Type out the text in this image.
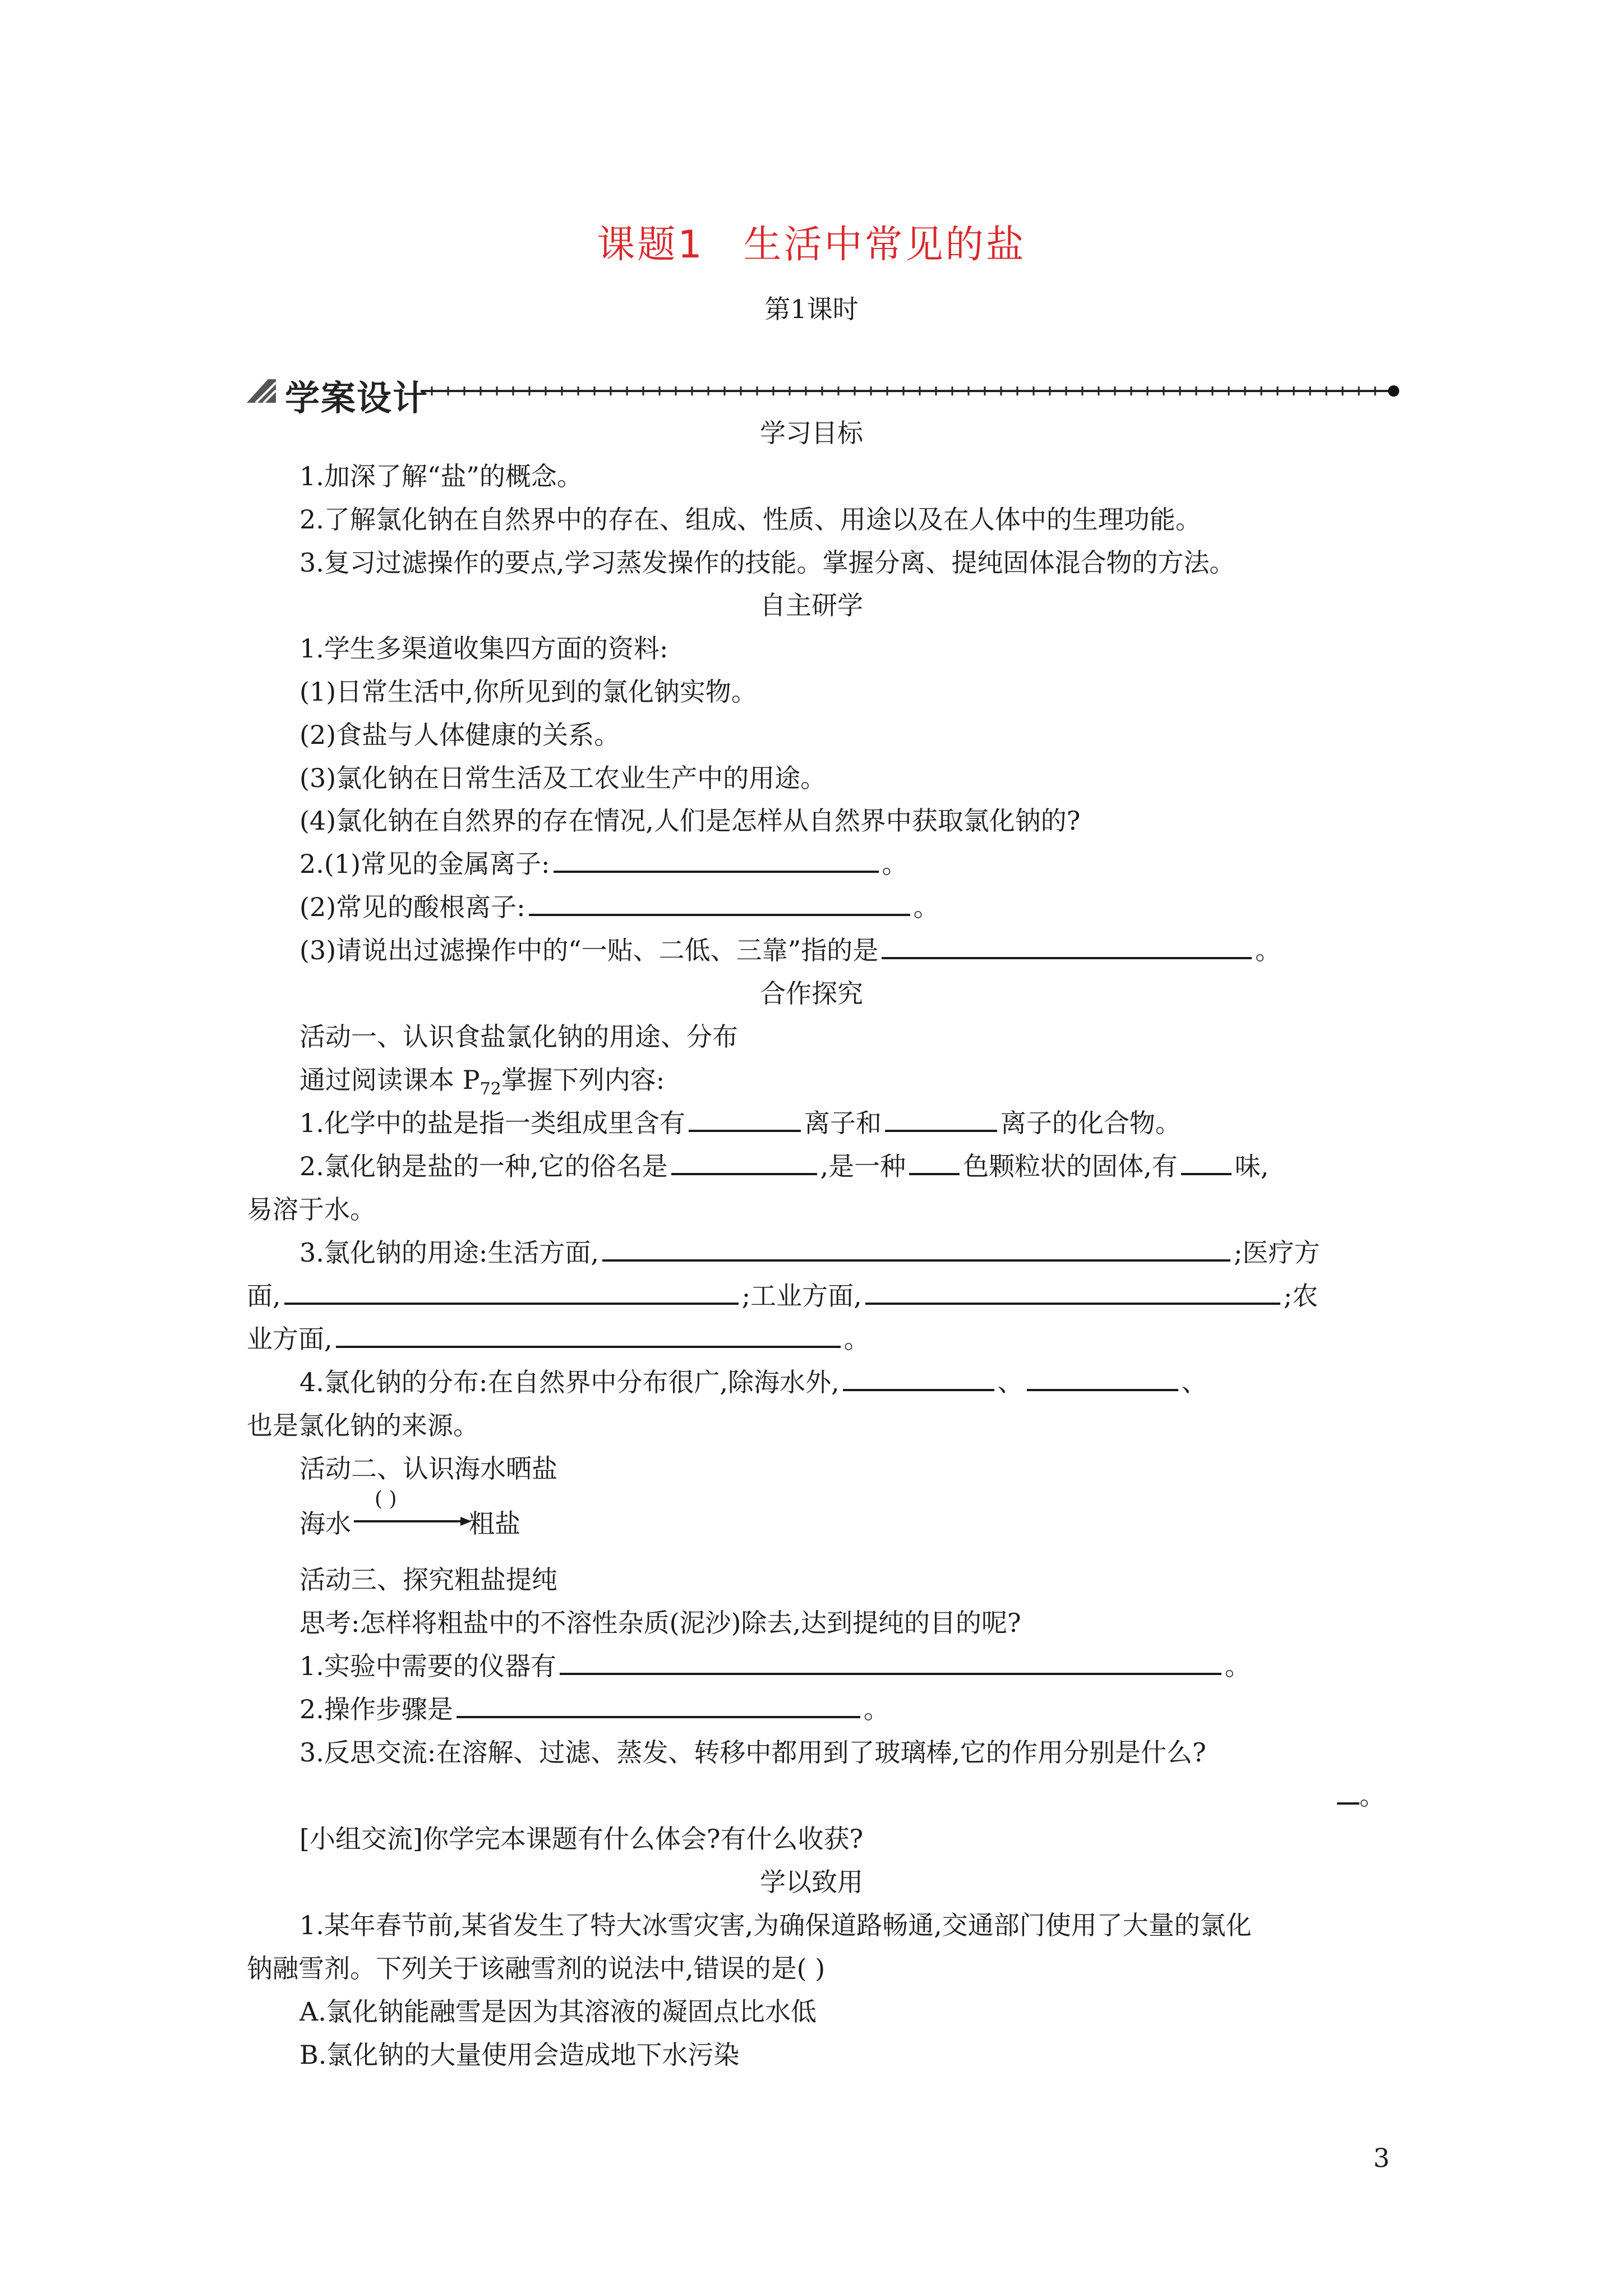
课题1 生活中常见的盐
第1课时
学案设计
学习目标
1.加深了解“盐”的概念。
2.了解氯化钠在自然界中的存在、组成、性质、用途以及在人体中的生理功能。
3.复习过滤操作的要点,学习蒸发操作的技能。掌握分离、提纯固体混合物的方法。
自主研学
1.学生多渠道收集四方面的资料:
(1)日常生活中,你所见到的氯化钠实物。
(2)食盐与人体健康的关系。
(3)氯化钠在日常生活及工农业生产中的用途。
(4)氯化钠在自然界的存在情况,人们是怎样从自然界中获取氯化钠的?
2.(1)常见的金属离子:	。
(2)常见的酸根离子:	。
(3)请说出过滤操作中的“一贴、二低、三靠”指的是	。
合作探究
活动一、认识食盐氯化钠的用途、分布
通过阅读课本 $P_{72}$掌握下列内容:
1.化学中的盐是指一类组成里含有	离子和	离子的化合物。
2.氯化钠是盐的一种,它的俗名是	,是一种 色颗粒状的固体,有 味,
易溶于水。
3.氯化钠的用途:生活方面,	;医疗方
面,	;工业方面,	;农
业方面,	。
4.氯化钠的分布:在自然界中分布很广,除海水外,	、	、
也是氯化钠的来源。
活动二、认识海水晒盐
海水
( )
粗盐
活动三、探究粗盐提纯
思考:怎样将粗盐中的不溶性杂质(泥沙)除去,达到提纯的目的呢?
1.实验中需要的仪器有	。
2.操作步骤是	。
3.反思交流:在溶解、过滤、蒸发、转移中都用到了玻璃棒,它的作用分别是什么?
。
[小组交流]你学完本课题有什么体会?有什么收获?
学以致用
1.某年春节前,某省发生了特大冰雪灾害,为确保道路畅通,交通部门使用了大量的氯化
钠融雪剂。下列关于该融雪剂的说法中,错误的是( )
A.氯化钠能融雪是因为其溶液的凝固点比水低
B.氯化钠的大量使用会造成地下水污染
3
